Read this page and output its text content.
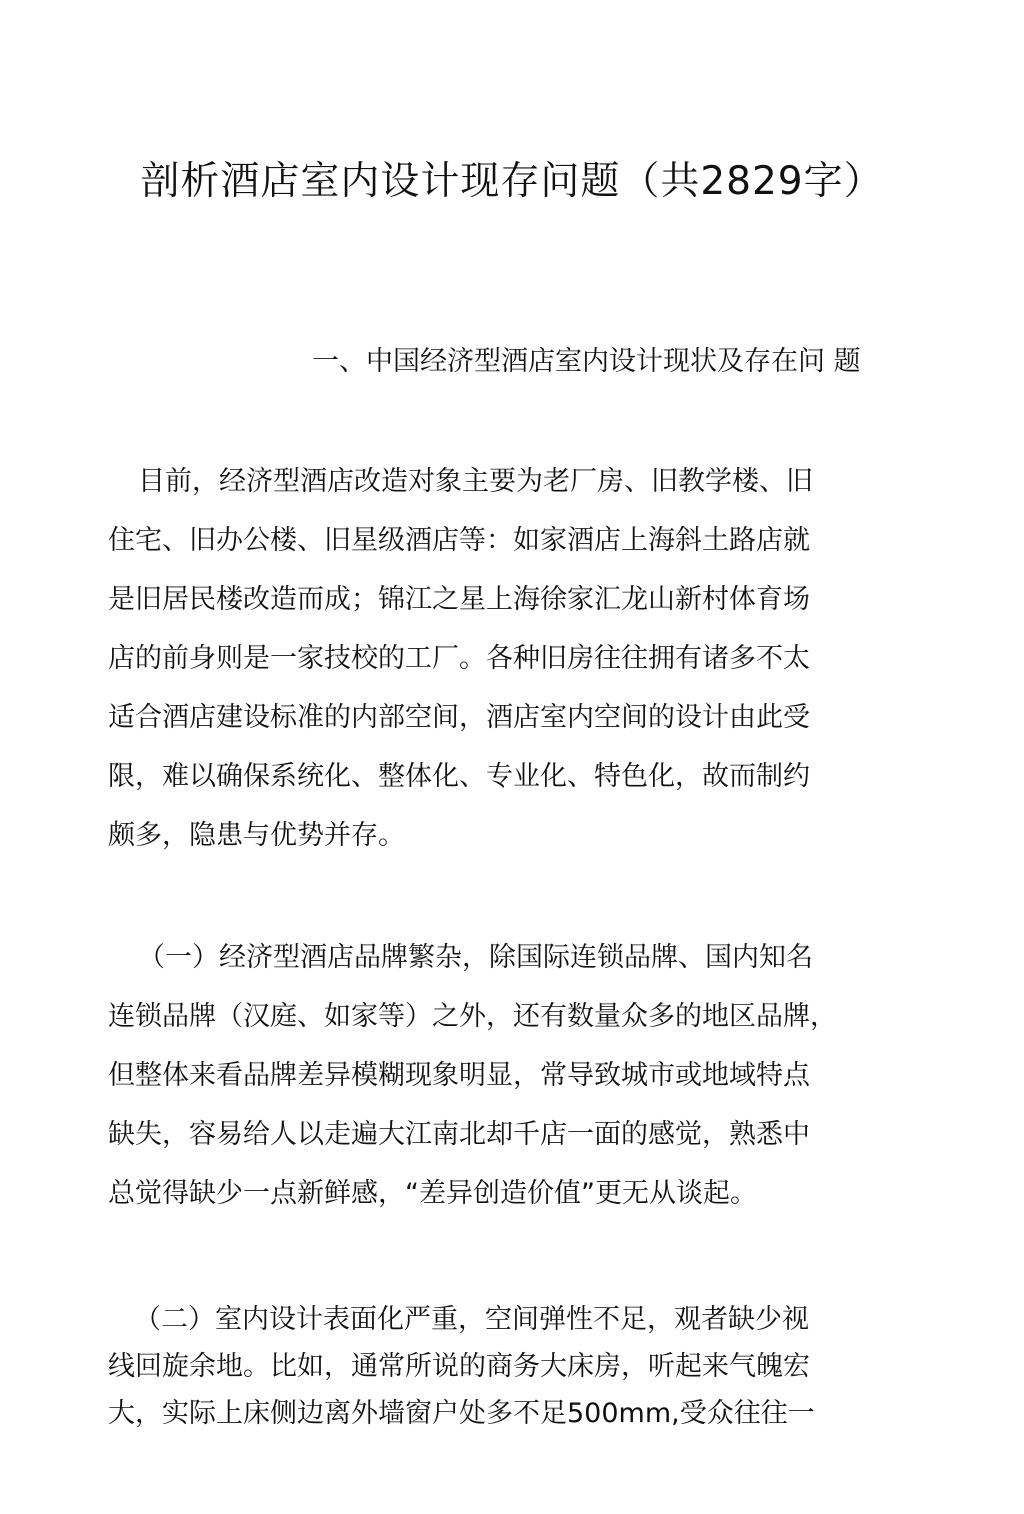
剖析酒店室内设计现存问题（共2829字）

一、中国经济型酒店室内设计现状及存在问 题

目前，经济型酒店改造对象主要为老厂房、旧教学楼、旧
住宅、旧办公楼、旧星级酒店等：如家酒店上海斜土路店就
是旧居民楼改造而成；锦江之星上海徐家汇龙山新村体育场
店的前身则是一家技校的工厂。各种旧房往往拥有诸多不太
适合酒店建设标准的内部空间，酒店室内空间的设计由此受
限，难以确保系统化、整体化、专业化、特色化，故而制约
颇多，隐患与优势并存。
（一）经济型酒店品牌繁杂，除国际连锁品牌、国内知名
连锁品牌（汉庭、如家等）之外，还有数量众多的地区品牌，
但整体来看品牌差异模糊现象明显，常导致城市或地域特点
缺失，容易给人以走遍大江南北却千店一面的感觉，熟悉中
总觉得缺少一点新鲜感，“差异创造价值”更无从谈起。
（二）室内设计表面化严重，空间弹性不足，观者缺少视
线回旋余地。比如，通常所说的商务大床房，听起来气魄宏
大，实际上床侧边离外墙窗户处多不足500mm,受众往往一
